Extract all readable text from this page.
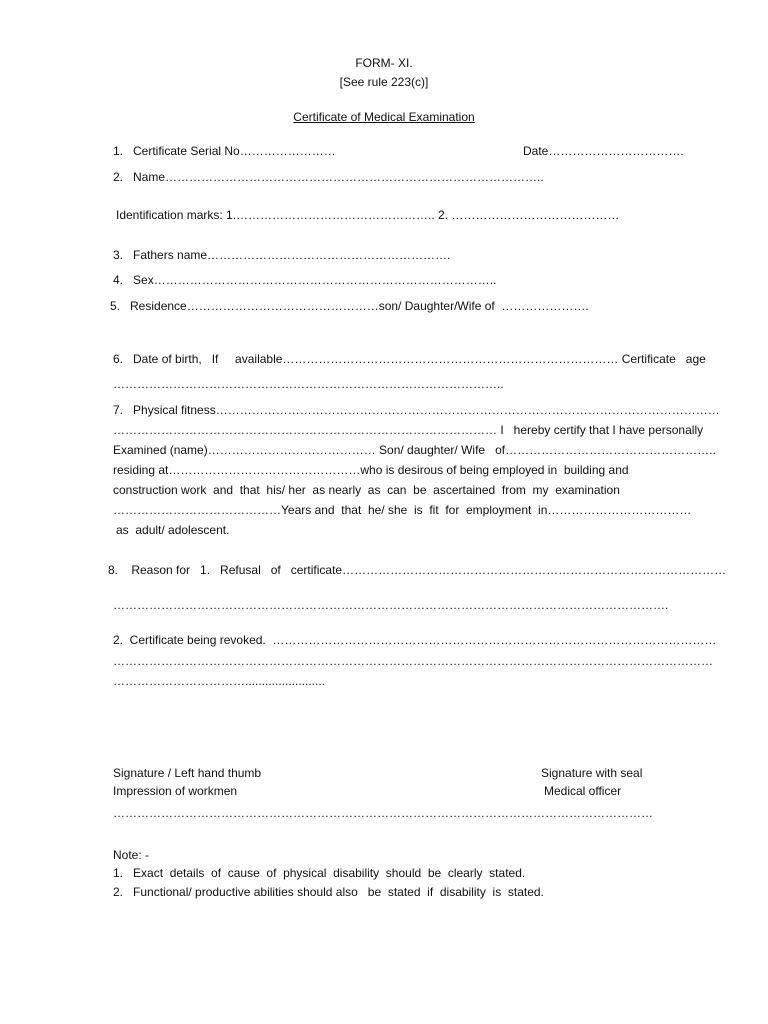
FORM- XI.
[See rule 223(c)]
Certificate of Medical Examination
1.   Certificate Serial No……………………	Date…………………………….
2.   Name…………………………………………………………………………………..
Identification marks: 1.………………………………………….. 2. ……………………………………
3.   Fathers name…………………………………………………….
4.   Sex…………………………………………………………………………..
5.   Residence…………………………………………son/ Daughter/Wife of  ………………….
6.   Date of birth,   If     available………………………………………………………………………… Certificate   age
……………………………………………………………………………………..
7.   Physical fitness………………………………………………………………………………………………………………
…………………………………………………………………………………… I   hereby certify that I have personally
Examined (name)…………………………………… Son/ daughter/ Wife   of……………………………………………..
residing at…………………………………………who is desirous of being employed in  building and
construction work  and  that  his/ her  as nearly  as  can  be  ascertained  from  my  examination
……………………………………Years and  that  he/ she  is  fit  for  employment  in………………………………
as  adult/ adolescent.
8.    Reason for   1.   Refusal   of   certificate……………………………………………………………………………………
………………………………………………………………………………………………………………………….
2.  Certificate being revoked.  …………………………………………………………………………………………………
……………………………………………………………………………………………………………………………………
……………………………........................
Signature / Left hand thumb
Impression of workmen
Signature with seal
Medical officer
………………………………………………………………………………………………………………………
Note: -
1.   Exact  details  of  cause  of  physical  disability  should  be  clearly  stated.
2.   Functional/ productive abilities should also   be  stated  if  disability  is  stated.
